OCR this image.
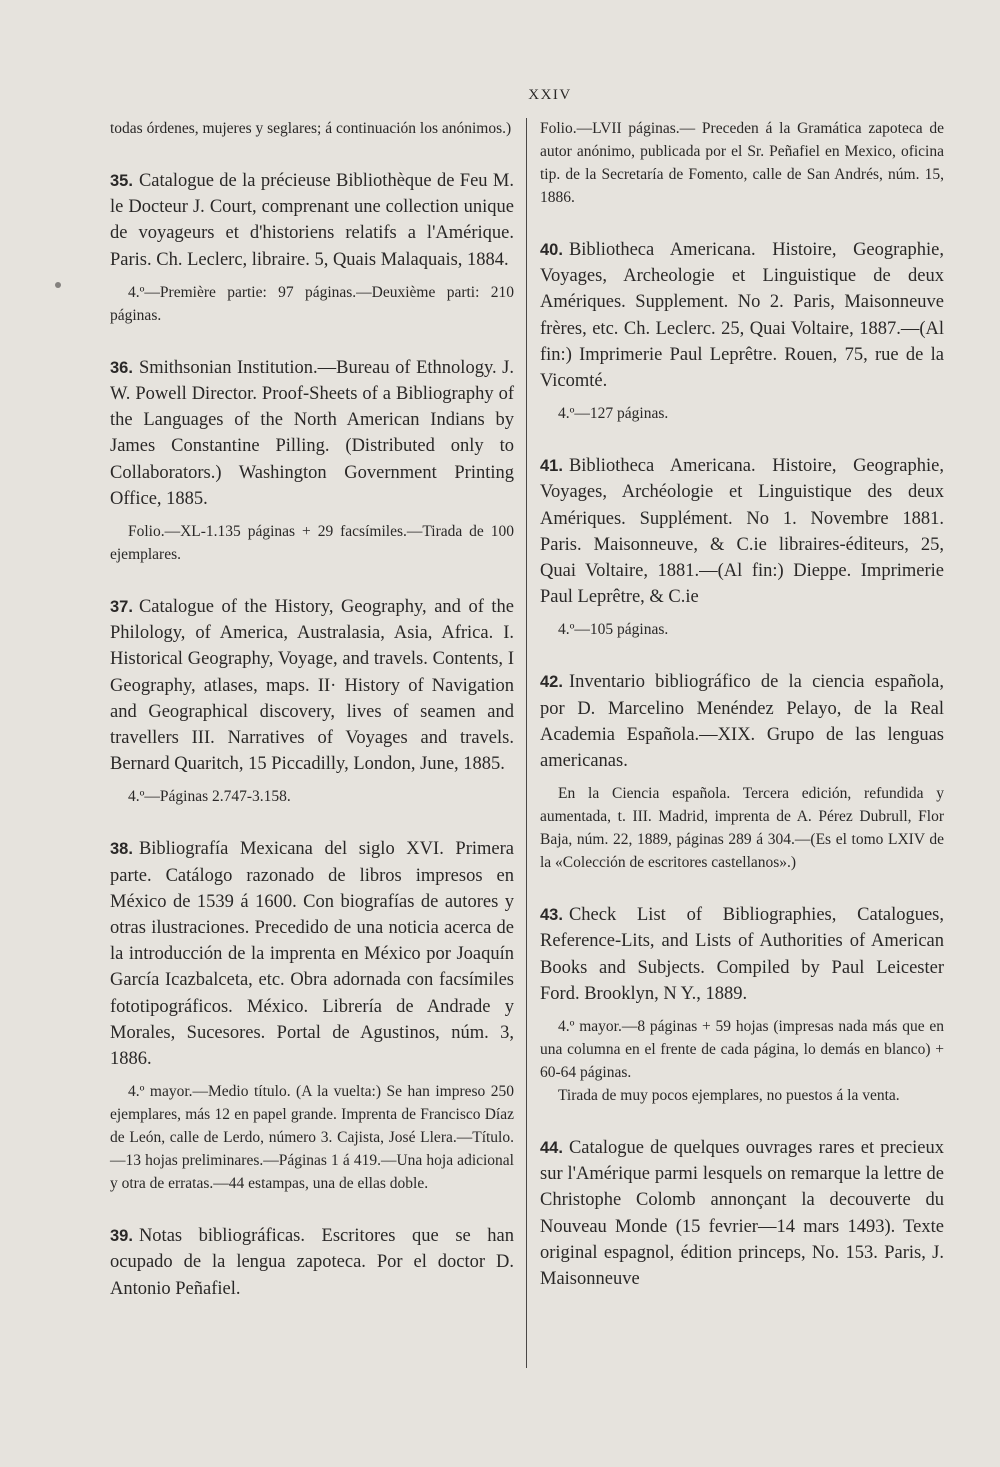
XXIV

todas órdenes, mujeres y seglares; á continuación los anónimos.)

35. Catalogue de la précieuse Bibliothèque de Feu M. le Docteur J. Court, comprenant une collection unique de voyageurs et d'historiens relatifs a l'Amérique. Paris. Ch. Leclerc, libraire. 5, Quais Malaquais, 1884.

4.º—Première partie: 97 páginas.—Deuxième parti: 210 páginas.

36. Smithsonian Institution.—Bureau of Ethnology. J. W. Powell Director. Proof-Sheets of a Bibliography of the Languages of the North American Indians by James Constantine Pilling. (Distributed only to Collaborators.) Washington Government Printing Office, 1885.

Folio.—XL-1.135 páginas + 29 facsímiles.—Tirada de 100 ejemplares.

37. Catalogue of the History, Geography, and of the Philology, of America, Australasia, Asia, Africa. I. Historical Geography, Voyage, and travels. Contents, I Geography, atlases, maps. II· History of Navigation and Geographical discovery, lives of seamen and travellers III. Narratives of Voyages and travels. Bernard Quaritch, 15 Piccadilly, London, June, 1885.

4.º—Páginas 2.747-3.158.

38. Bibliografía Mexicana del siglo XVI. Primera parte. Catálogo razonado de libros impresos en México de 1539 á 1600. Con biografías de autores y otras ilustraciones. Precedido de una noticia acerca de la introducción de la imprenta en México por Joaquín García Icazbalceta, etc. Obra adornada con facsímiles fototipográficos. México. Librería de Andrade y Morales, Sucesores. Portal de Agustinos, núm. 3, 1886.

4.º mayor.—Medio título. (A la vuelta:) Se han impreso 250 ejemplares, más 12 en papel grande. Imprenta de Francisco Díaz de León, calle de Lerdo, número 3. Cajista, José Llera.—Título.—13 hojas preliminares.—Páginas 1 á 419.—Una hoja adicional y otra de erratas.—44 estampas, una de ellas doble.

39. Notas bibliográficas. Escritores que se han ocupado de la lengua zapoteca. Por el doctor D. Antonio Peñafiel.

Folio.—LVII páginas.— Preceden á la Gramática zapoteca de autor anónimo, publicada por el Sr. Peñafiel en Mexico, oficina tip. de la Secretaría de Fomento, calle de San Andrés, núm. 15, 1886.

40. Bibliotheca Americana. Histoire, Geographie, Voyages, Archeologie et Linguistique de deux Amériques. Supplement. No 2. Paris, Maisonneuve frères, etc. Ch. Leclerc. 25, Quai Voltaire, 1887.—(Al fin:) Imprimerie Paul Leprêtre. Rouen, 75, rue de la Vicomté.

4.º—127 páginas.

41. Bibliotheca Americana. Histoire, Geographie, Voyages, Archéologie et Linguistique des deux Amériques. Supplément. No 1. Novembre 1881. Paris. Maisonneuve, & C.ie libraires-éditeurs, 25, Quai Voltaire, 1881.—(Al fin:) Dieppe. Imprimerie Paul Leprêtre, & C.ie

4.º—105 páginas.

42. Inventario bibliográfico de la ciencia española, por D. Marcelino Menéndez Pelayo, de la Real Academia Española.—XIX. Grupo de las lenguas americanas.

En la Ciencia española. Tercera edición, refundida y aumentada, t. III. Madrid, imprenta de A. Pérez Dubrull, Flor Baja, núm. 22, 1889, páginas 289 á 304.—(Es el tomo LXIV de la «Colección de escritores castellanos».)

43. Check List of Bibliographies, Catalogues, Reference-Lits, and Lists of Authorities of American Books and Subjects. Compiled by Paul Leicester Ford. Brooklyn, N Y., 1889.

4.º mayor.—8 páginas + 59 hojas (impresas nada más que en una columna en el frente de cada página, lo demás en blanco) + 60-64 páginas.

Tirada de muy pocos ejemplares, no puestos á la venta.

44. Catalogue de quelques ouvrages rares et precieux sur l'Amérique parmi lesquels on remarque la lettre de Christophe Colomb annonçant la decouverte du Nouveau Monde (15 fevrier—14 mars 1493). Texte original espagnol, édition princeps, No. 153. Paris, J. Maisonneuve
